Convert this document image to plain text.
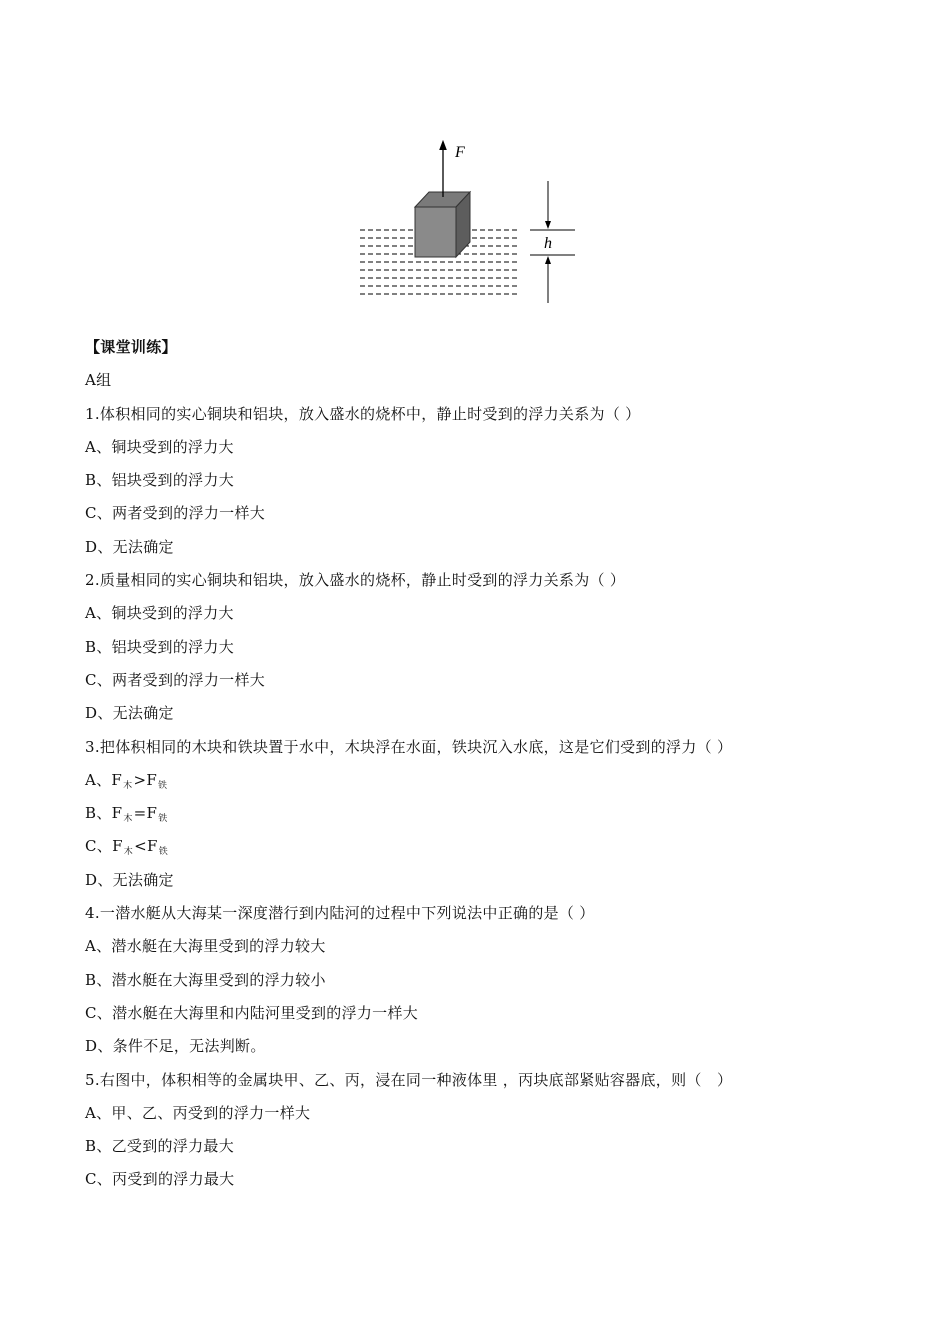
F
h
【课堂训练】
A组
1.体积相同的实心铜块和铝块，放入盛水的烧杯中，静止时受到的浮力关系为（ ）
A、铜块受到的浮力大
B、铝块受到的浮力大
C、两者受到的浮力一样大
D、无法确定
2.质量相同的实心铜块和铝块，放入盛水的烧杯，静止时受到的浮力关系为（ ）
A、铜块受到的浮力大
B、铝块受到的浮力大
C、两者受到的浮力一样大
D、无法确定
3.把体积相同的木块和铁块置于水中，木块浮在水面，铁块沉入水底，这是它们受到的浮力（ ）
A、$F_木>F_铁$
B、$F_木=F_铁$
C、$F_木<F_铁$
D、无法确定
4.一潜水艇从大海某一深度潜行到内陆河的过程中下列说法中正确的是（ ）
A、潜水艇在大海里受到的浮力较大
B、潜水艇在大海里受到的浮力较小
C、潜水艇在大海里和内陆河里受到的浮力一样大
D、条件不足，无法判断。
5.右图中，体积相等的金属块甲、乙、丙，浸在同一种液体里 ，丙块底部紧贴容器底，则（　）
A、甲、乙、丙受到的浮力一样大
B、乙受到的浮力最大
C、丙受到的浮力最大
